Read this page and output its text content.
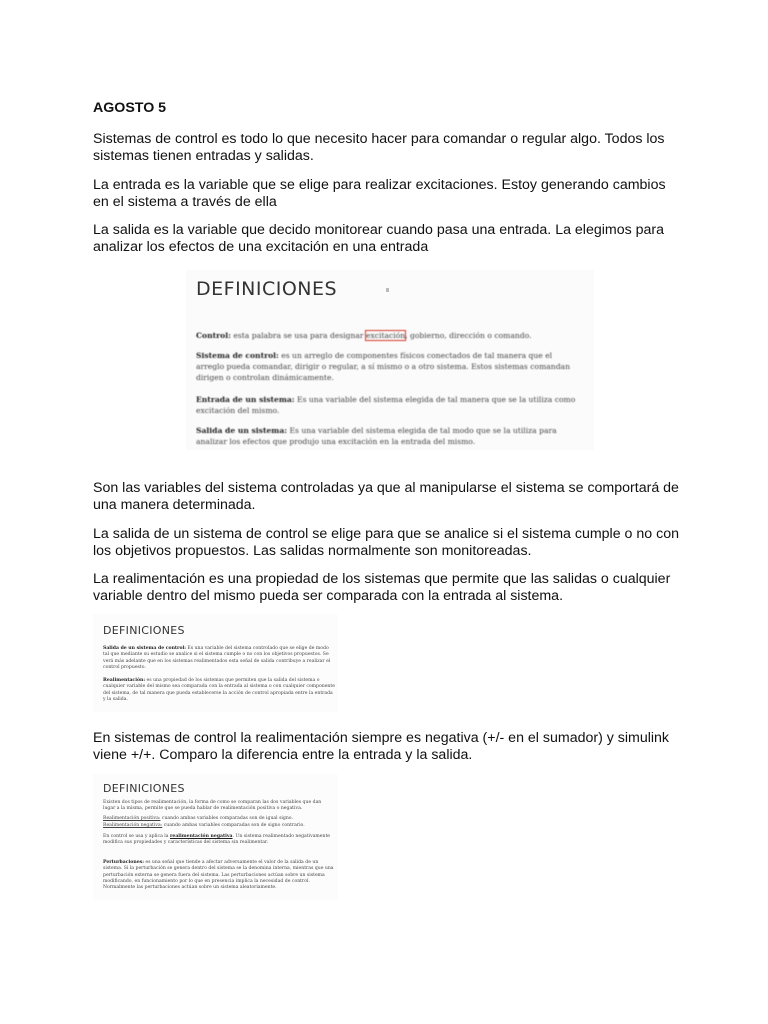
AGOSTO 5

Sistemas de control es todo lo que necesito hacer para comandar o regular algo. Todos los sistemas tienen entradas y salidas.

La entrada es la variable que se elige para realizar excitaciones. Estoy generando cambios en el sistema a través de ella

La salida es la variable que decido monitorear cuando pasa una entrada. La elegimos para analizar los efectos de una excitación en una entrada

DEFINICIONES
Control: esta palabra se usa para designar excitación, gobierno, dirección o comando.
Sistema de control: es un arreglo de componentes físicos conectados de tal manera que el arreglo pueda comandar, dirigir o regular, a sí mismo o a otro sistema. Estos sistemas comandan dirigen o controlan dinámicamente.
Entrada de un sistema: Es una variable del sistema elegida de tal manera que se la utiliza como excitación del mismo.
Salida de un sistema: Es una variable del sistema elegida de tal modo que se la utiliza para analizar los efectos que produjo una excitación en la entrada del mismo.

Son las variables del sistema controladas ya que al manipularse el sistema se comportará de una manera determinada.

La salida de un sistema de control se elige para que se analice si el sistema cumple o no con los objetivos propuestos. Las salidas normalmente son monitoreadas.

La realimentación es una propiedad de los sistemas que permite que las salidas o cualquier variable dentro del mismo pueda ser comparada con la entrada al sistema.

DEFINICIONES
Salida de un sistema de control: Es una variable del sistema controlado que se elige de modo tal que mediante su estudio se analice si el sistema cumple o no con los objetivos propuestos. Se verá más adelante que en los sistemas realimentados esta señal de salida contribuye a realizar el control propuesto.
Realimentación: es una propiedad de los sistemas que permiten que la salida del sistema o cualquier variable del mismo sea comparada con la entrada al sistema o con cualquier componente del sistema, de tal manera que pueda establecerse la acción de control apropiada entre la entrada y la salida.

En sistemas de control la realimentación siempre es negativa (+/- en el sumador) y simulink viene +/+. Comparo la diferencia entre la entrada y la salida.

DEFINICIONES
Existen dos tipos de realimentación, la forma de como se comparan las dos variables que dan lugar a la misma, permite que se pueda hablar de realimentación positiva o negativa.
Realimentación positiva: cuando ambas variables comparadas son de igual signo.
Realimentación negativa: cuando ambas variables comparadas son de signo contrario.
En control se usa y aplica la realimentación negativa. Un sistema realimentado negativamente modifica sus propiedades y características del sistema sin realimentar.
Perturbaciones: es una señal que tiende a afectar adversamente el valor de la salida de un sistema. Si la perturbación se genera dentro del sistema se la denomina interna, mientras que una perturbación externa se genera fuera del sistema. Las perturbaciones actúan sobre un sistema modificando, en funcionamiento por lo que en presencia implica la necesidad de control. Normalmente las perturbaciones actúan sobre un sistema aleatoriamente.
